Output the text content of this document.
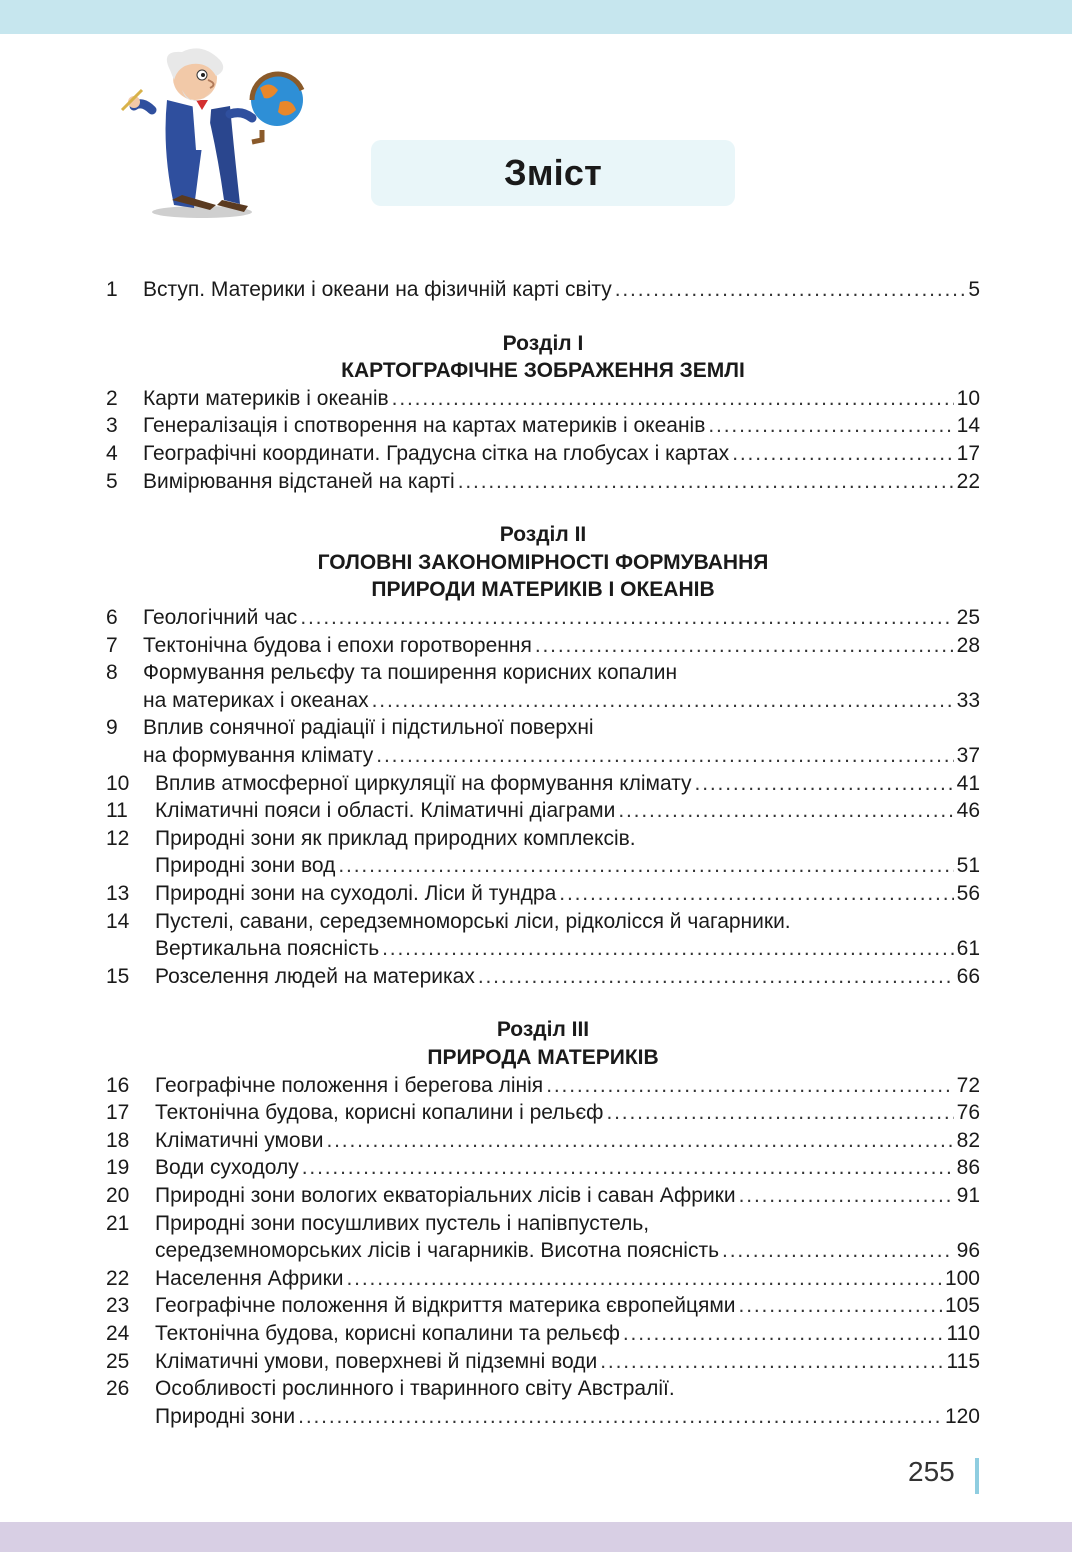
Зміст
1	Вступ. Материки і океани на фізичній карті світу . . .	5
Розділ І
КАРТОГРАФІЧНЕ ЗОБРАЖЕННЯ ЗЕМЛІ
2	Карти материків і океанів . . .	10
3	Генералізація і спотворення на картах материків і океанів . . .	14
4	Географічні координати. Градусна сітка на глобусах і картах . . .	17
5	Вимірювання відстаней на карті . . .	22
Розділ ІІ
ГОЛОВНІ ЗАКОНОМІРНОСТІ ФОРМУВАННЯ
ПРИРОДИ МАТЕРИКІВ І ОКЕАНІВ
6	Геологічний час . . .	25
7	Тектонічна будова і епохи горотворення . . .	28
8	Формування рельєфу та поширення корисних копалин
на материках і океанах . . .	33
9	Вплив сонячної радіації і підстильної поверхні
на формування клімату . . .	37
10	Вплив атмосферної циркуляції на формування клімату . . .	41
11	Кліматичні пояси і області. Кліматичні діаграми . . .	46
12	Природні зони як приклад природних комплексів.
Природні зони вод . . .	51
13	Природні зони на суходолі. Ліси й тундра . . .	56
14	Пустелі, савани, середземноморські ліси, рідколісся й чагарники.
Вертикальна поясність . . .	61
15	Розселення людей на материках . . .	66
Розділ ІІІ
ПРИРОДА МАТЕРИКІВ
16	Географічне положення і берегова лінія . . .	72
17	Тектонічна будова, корисні копалини і рельєф . . .	76
18	Кліматичні умови . . .	82
19	Води суходолу . . .	86
20	Природні зони вологих екваторіальних лісів і саван Африки . . .	91
21	Природні зони посушливих пустель і напівпустель,
середземноморських лісів і чагарників. Висотна поясність . . .	96
22	Населення Африки . . .	100
23	Географічне положення й відкриття материка європейцями . . .	105
24	Тектонічна будова, корисні копалини та рельєф . . .	110
25	Кліматичні умови, поверхневі й підземні води . . .	115
26	Особливості рослинного і тваринного світу Австралії.
Природні зони . . .	120
255
